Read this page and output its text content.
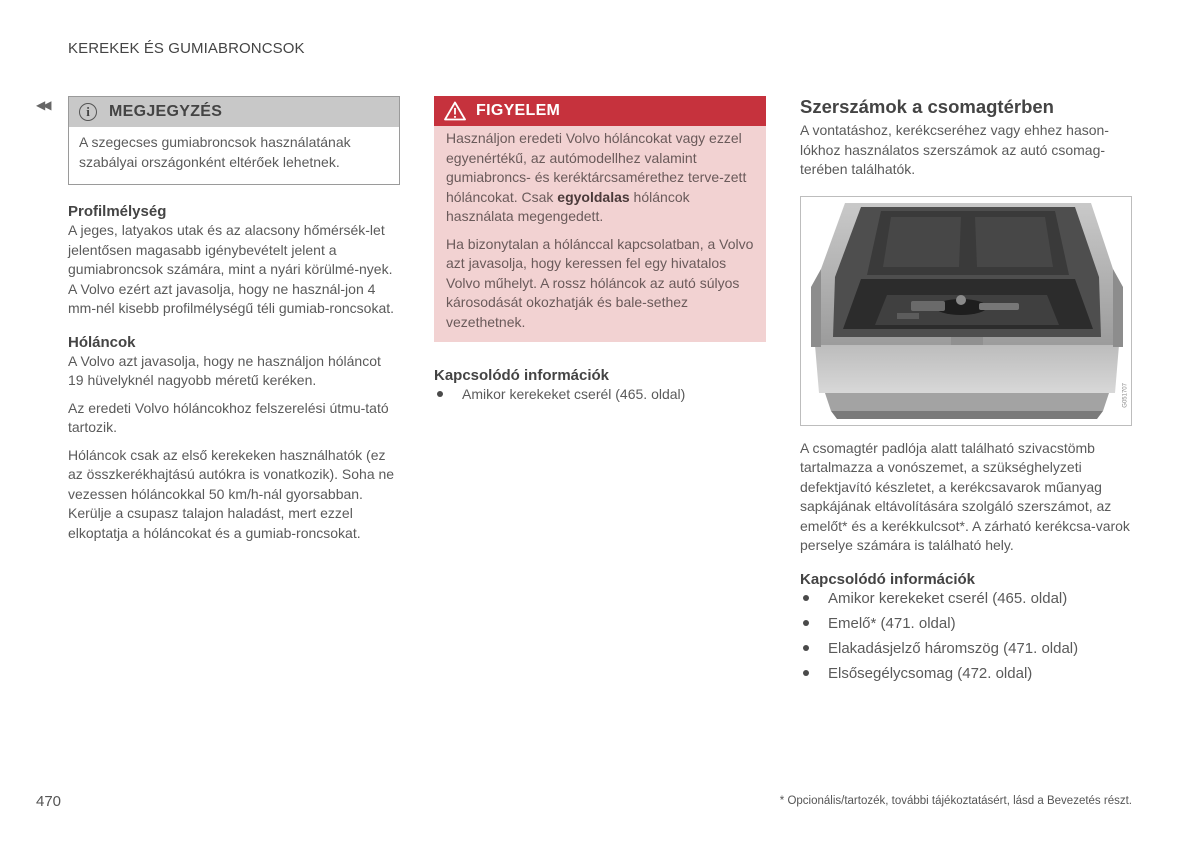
KEREKEK ÉS GUMIABRONCSOK
◀◀	i	MEGJEGYZÉS
A szegecses gumiabroncsok használatának szabályai országonként eltérőek lehetnek.
Profilmélység

A jeges, latyakos utak és az alacsony hőmérsék-let jelentősen magasabb igénybevételt jelent a gumiabroncsok számára, mint a nyári körülmé-nyek. A Volvo ezért azt javasolja, hogy ne használ-jon 4 mm-nél kisebb profilmélységű téli gumiab-roncsokat.

Hóláncok

A Volvo azt javasolja, hogy ne használjon hóláncot 19 hüvelyknél nagyobb méretű keréken.

Az eredeti Volvo hóláncokhoz felszerelési útmu-tató tartozik.

Hóláncok csak az első kerekeken használhatók (ez az összkerékhajtású autókra is vonatkozik). Soha ne vezessen hóláncokkal 50 km/h-nál gyorsabban. Kerülje a csupasz talajon haladást, mert ezzel elkoptatja a hóláncokat és a gumiab-roncsokat.

FIGYELEM

Használjon eredeti Volvo hóláncokat vagy ezzel egyenértékű, az autómodellhez valamint gumiabroncs- és keréktárcsamérethez terve-zett hóláncokat. Csak egyoldalas hóláncok használata megengedett.

Ha bizonytalan a hólánccal kapcsolatban, a Volvo azt javasolja, hogy keressen fel egy hivatalos Volvo műhelyt. A rossz hóláncok az autó súlyos károsodását okozhatják és bale-sethez vezethetnek.

Kapcsolódó információk
Amikor kerekeket cserél (465. oldal)
Szerszámok a csomagtérben

A vontatáshoz, kerékcseréhez vagy ehhez hason-lókhoz használatos szerszámok az autó csomag-terében találhatók.

G051707

A csomagtér padlója alatt található szivacstömb tartalmazza a vonószemet, a szükséghelyzeti defektjavító készletet, a kerékcsavarok műanyag sapkájának eltávolítására szolgáló szerszámot, az emelőt* és a kerékkulcsot*. A zárható kerékcsa-varok perselye számára is található hely.

Kapcsolódó információk
Amikor kerekeket cserél (465. oldal)
Emelő* (471. oldal)
Elakadásjelző háromszög (471. oldal)
Elsősegélycsomag (472. oldal)
470	* Opcionális/tartozék, további tájékoztatásért, lásd a Bevezetés részt.
